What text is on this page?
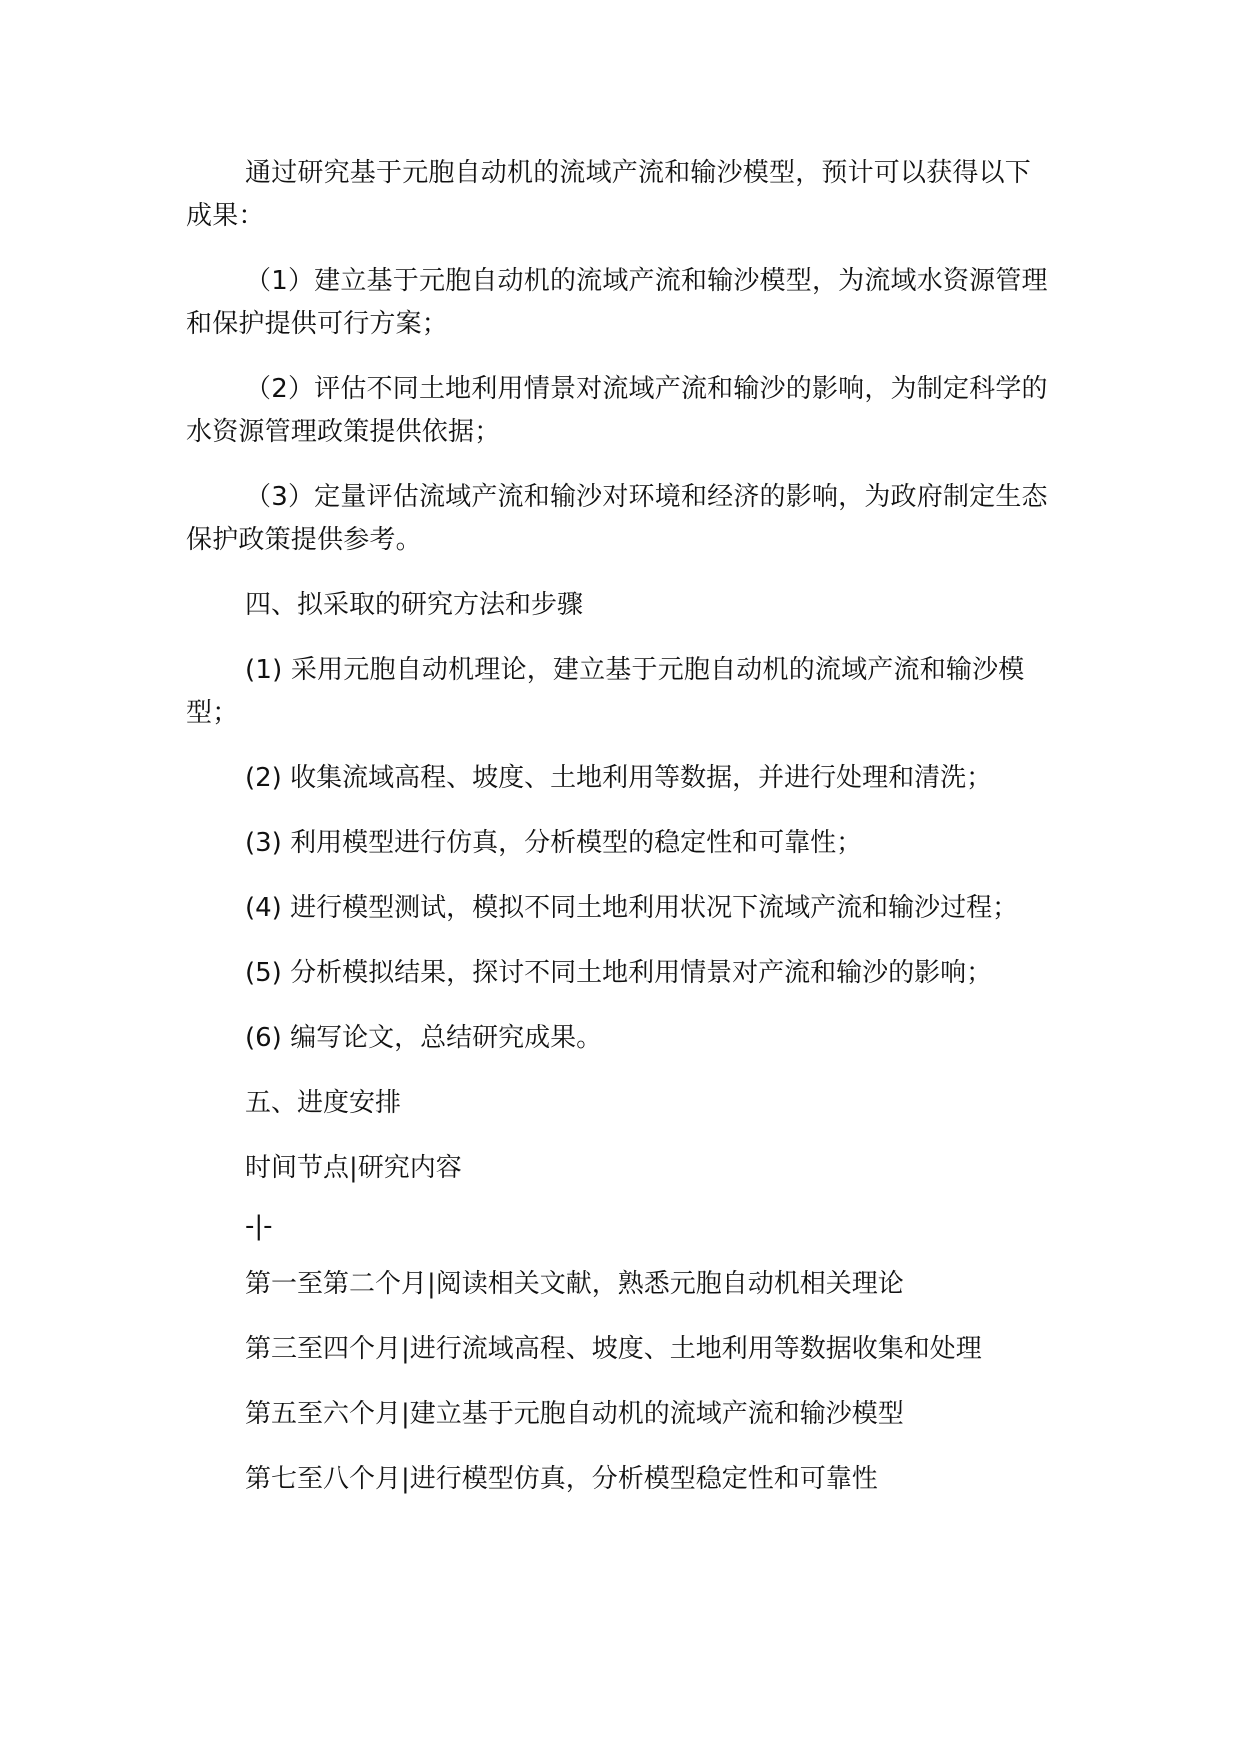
通过研究基于元胞自动机的流域产流和输沙模型，预计可以获得以下成果：

（1）建立基于元胞自动机的流域产流和输沙模型，为流域水资源管理和保护提供可行方案；

（2）评估不同土地利用情景对流域产流和输沙的影响，为制定科学的水资源管理政策提供依据；

（3）定量评估流域产流和输沙对环境和经济的影响，为政府制定生态保护政策提供参考。

四、拟采取的研究方法和步骤

(1) 采用元胞自动机理论，建立基于元胞自动机的流域产流和输沙模型；

(2) 收集流域高程、坡度、土地利用等数据，并进行处理和清洗；

(3) 利用模型进行仿真，分析模型的稳定性和可靠性；

(4) 进行模型测试，模拟不同土地利用状况下流域产流和输沙过程；

(5) 分析模拟结果，探讨不同土地利用情景对产流和输沙的影响；

(6) 编写论文，总结研究成果。

五、进度安排

时间节点|研究内容

-|-

第一至第二个月|阅读相关文献，熟悉元胞自动机相关理论

第三至四个月|进行流域高程、坡度、土地利用等数据收集和处理

第五至六个月|建立基于元胞自动机的流域产流和输沙模型

第七至八个月|进行模型仿真，分析模型稳定性和可靠性
